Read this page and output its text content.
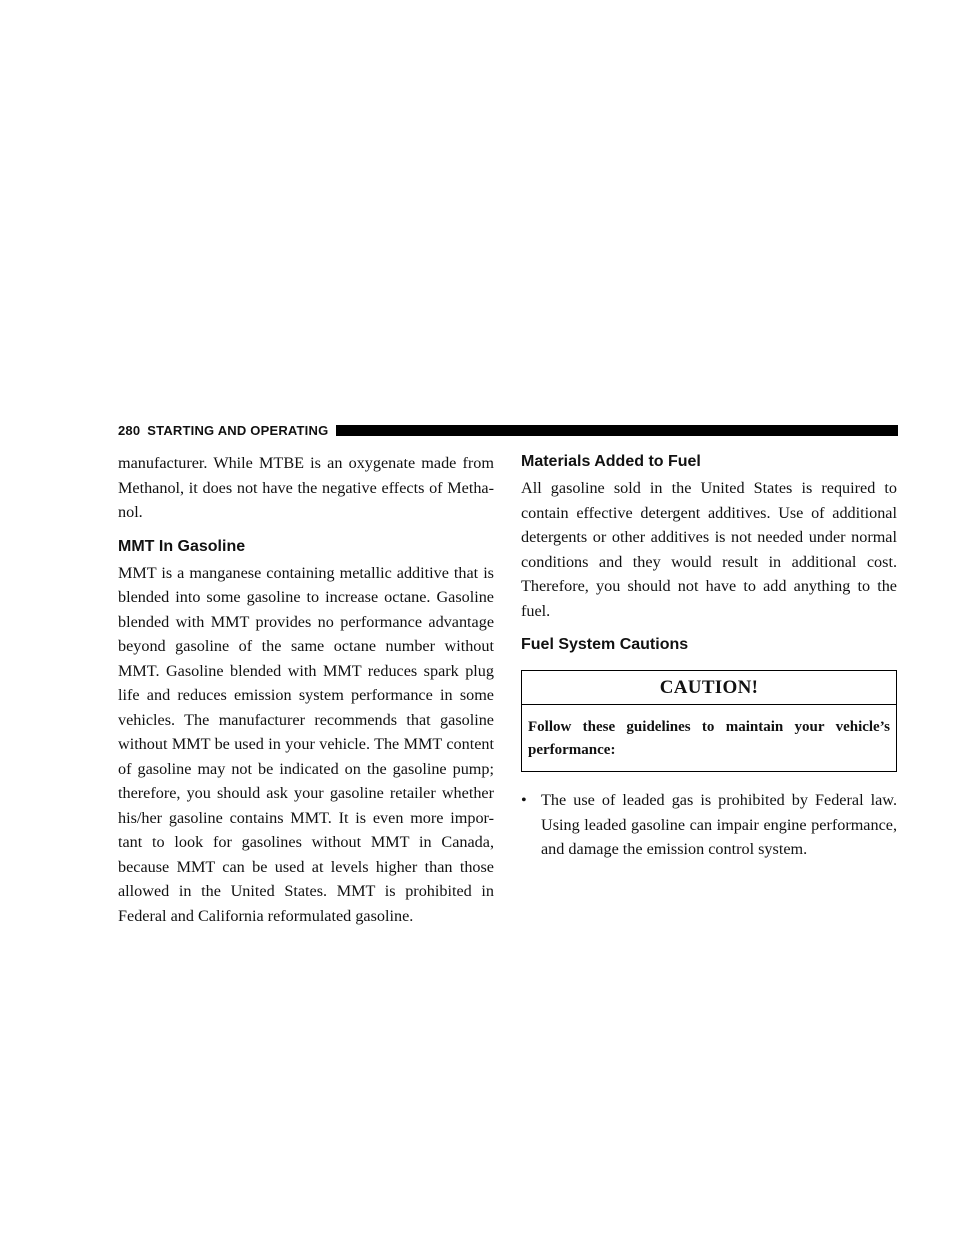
280 STARTING AND OPERATING

manufacturer. While MTBE is an oxygenate made from Methanol, it does not have the negative effects of Metha-nol.

MMT In Gasoline

MMT is a manganese containing metallic additive that is blended into some gasoline to increase octane. Gasoline blended with MMT provides no performance advantage beyond gasoline of the same octane number without MMT. Gasoline blended with MMT reduces spark plug life and reduces emission system performance in some vehicles. The manufacturer recommends that gasoline without MMT be used in your vehicle. The MMT content of gasoline may not be indicated on the gasoline pump; therefore, you should ask your gasoline retailer whether his/her gasoline contains MMT. It is even more impor-tant to look for gasolines without MMT in Canada, because MMT can be used at levels higher than those allowed in the United States. MMT is prohibited in Federal and California reformulated gasoline.

Materials Added to Fuel

All gasoline sold in the United States is required to contain effective detergent additives. Use of additional detergents or other additives is not needed under normal conditions and they would result in additional cost. Therefore, you should not have to add anything to the fuel.

Fuel System Cautions
CAUTION!
Follow these guidelines to maintain your vehicle’s performance:
• The use of leaded gas is prohibited by Federal law. Using leaded gasoline can impair engine performance, and damage the emission control system.
